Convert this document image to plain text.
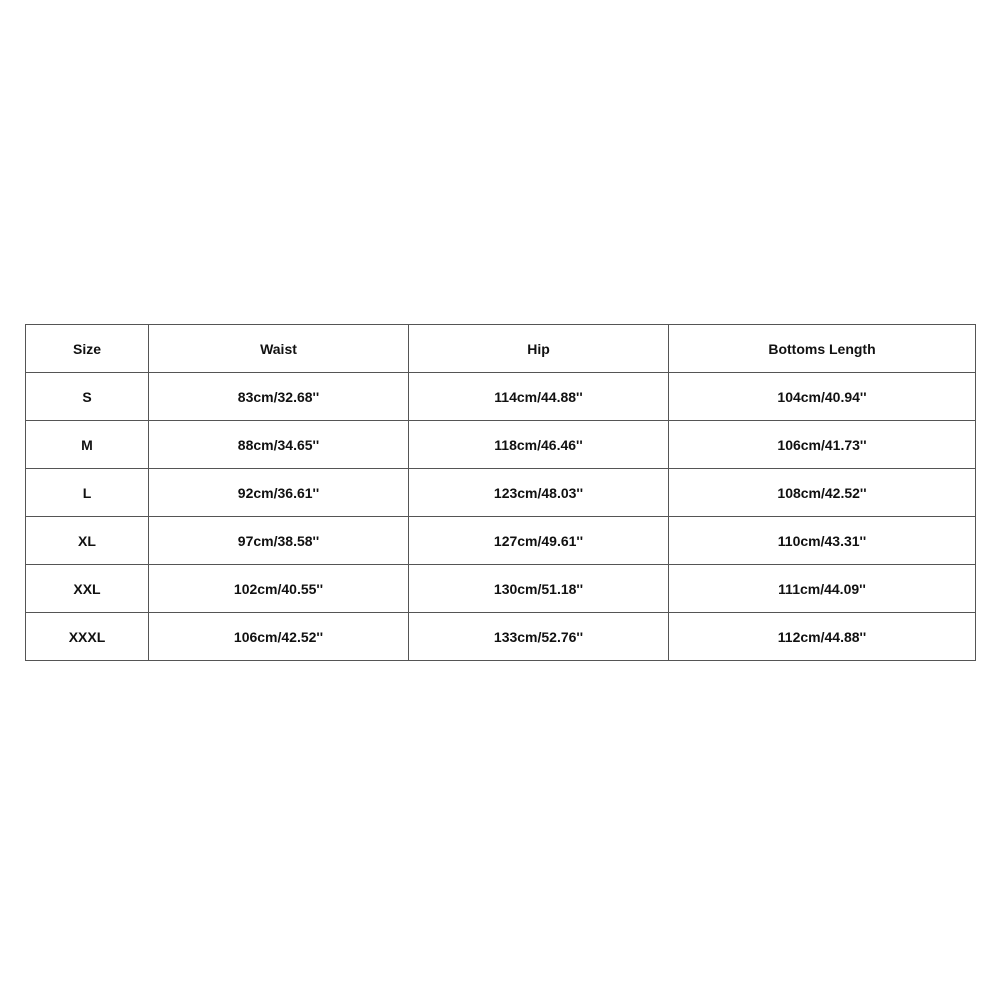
Size	Waist	Hip	Bottoms Length
S	83cm/32.68''	114cm/44.88''	104cm/40.94''
M	88cm/34.65''	118cm/46.46''	106cm/41.73''
L	92cm/36.61''	123cm/48.03''	108cm/42.52''
XL	97cm/38.58''	127cm/49.61''	110cm/43.31''
XXL	102cm/40.55''	130cm/51.18''	111cm/44.09''
XXXL	106cm/42.52''	133cm/52.76''	112cm/44.88''
